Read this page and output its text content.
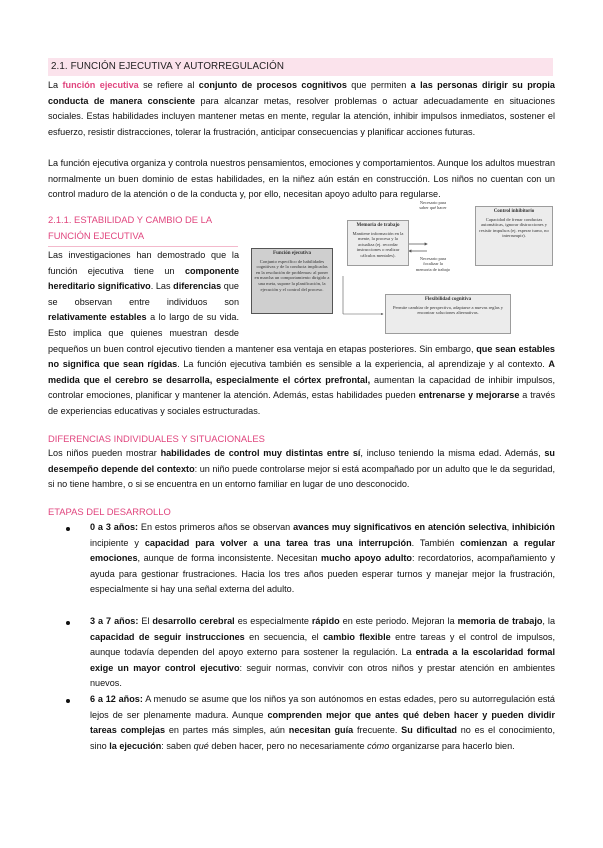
2.1. FUNCIÓN EJECUTIVA Y AUTORREGULACIÓN
La función ejecutiva se refiere al conjunto de procesos cognitivos que permiten a las personas dirigir su propia conducta de manera consciente para alcanzar metas, resolver problemas o actuar adecuadamente en situaciones sociales. Estas habilidades incluyen mantener metas en mente, regular la atención, inhibir impulsos inmediatos, sostener el esfuerzo, resistir distracciones, tolerar la frustración, anticipar consecuencias y planificar acciones futuras.
La función ejecutiva organiza y controla nuestros pensamientos, emociones y comportamientos. Aunque los adultos muestran normalmente un buen dominio de estas habilidades, en la niñez aún están en construcción. Los niños no cuentan con un control maduro de la atención o de la conducta y, por ello, necesitan apoyo adulto para regularse.
2.1.1. ESTABILIDAD Y CAMBIO DE LA
FUNCIÓN EJECUTIVA
Las investigaciones han demostrado que la función ejecutiva tiene un componente hereditario significativo. Las diferencias que se observan entre individuos son relativamente estables a lo largo de su vida. Esto implica que quienes muestran desde pequeños un buen control ejecutivo tienden a mantener esa ventaja en etapas posteriores. Sin embargo, que sean estables no significa que sean rígidas. La función ejecutiva también es sensible a la experiencia, al aprendizaje y al contexto. A medida que el cerebro se desarrolla, especialmente el córtex prefrontal, aumentan la capacidad de inhibir impulsos, controlar emociones, planificar y mantener la atención. Además, estas habilidades pueden entrenarse y mejorarse a través de experiencias educativas y sociales estructuradas.
Función ejecutiva
Conjunto específico de habilidades cognitivas y de la conducta implicadas en la resolución de problemas: al poner en marcha un comportamiento dirigido a una meta, supone la planificación, la ejecución y el control del proceso.
Memoria de trabajo
Mantiene información en la mente, la procesa y la actualiza (ej. recordar instrucciones o realizar cálculos mentales).
Necesario para saber qué hacer
Necesario para focalizar la memoria de trabajo
Control inhibitorio
Capacidad de frenar conductas automáticas, ignorar distracciones y resistir impulsos (ej. esperar turno, no interrumpir).
Flexibilidad cognitiva
Permite cambiar de perspectiva, adaptarse a nuevas reglas y encontrar soluciones alternativas.
DIFERENCIAS INDIVIDUALES Y SITUACIONALES
Los niños pueden mostrar habilidades de control muy distintas entre sí, incluso teniendo la misma edad. Además, su desempeño depende del contexto: un niño puede controlarse mejor si está acompañado por un adulto que le da seguridad, si no tiene hambre, o si se encuentra en un entorno familiar en lugar de uno desconocido.
ETAPAS DEL DESARROLLO
0 a 3 años: En estos primeros años se observan avances muy significativos en atención selectiva, inhibición incipiente y capacidad para volver a una tarea tras una interrupción. También comienzan a regular emociones, aunque de forma inconsistente. Necesitan mucho apoyo adulto: recordatorios, acompañamiento y ayuda para gestionar frustraciones. Hacia los tres años pueden esperar turnos y manejar mejor la frustración, especialmente si hay una señal externa del adulto.
3 a 7 años: El desarrollo cerebral es especialmente rápido en este periodo. Mejoran la memoria de trabajo, la capacidad de seguir instrucciones en secuencia, el cambio flexible entre tareas y el control de impulsos, aunque todavía dependen del apoyo externo para sostener la regulación. La entrada a la escolaridad formal exige un mayor control ejecutivo: seguir normas, convivir con otros niños y prestar atención en ambientes nuevos.
6 a 12 años: A menudo se asume que los niños ya son autónomos en estas edades, pero su autorregulación está lejos de ser plenamente madura. Aunque comprenden mejor que antes qué deben hacer y pueden dividir tareas complejas en partes más simples, aún necesitan guía frecuente. Su dificultad no es el conocimiento, sino la ejecución: saben qué deben hacer, pero no necesariamente cómo organizarse para hacerlo bien.
